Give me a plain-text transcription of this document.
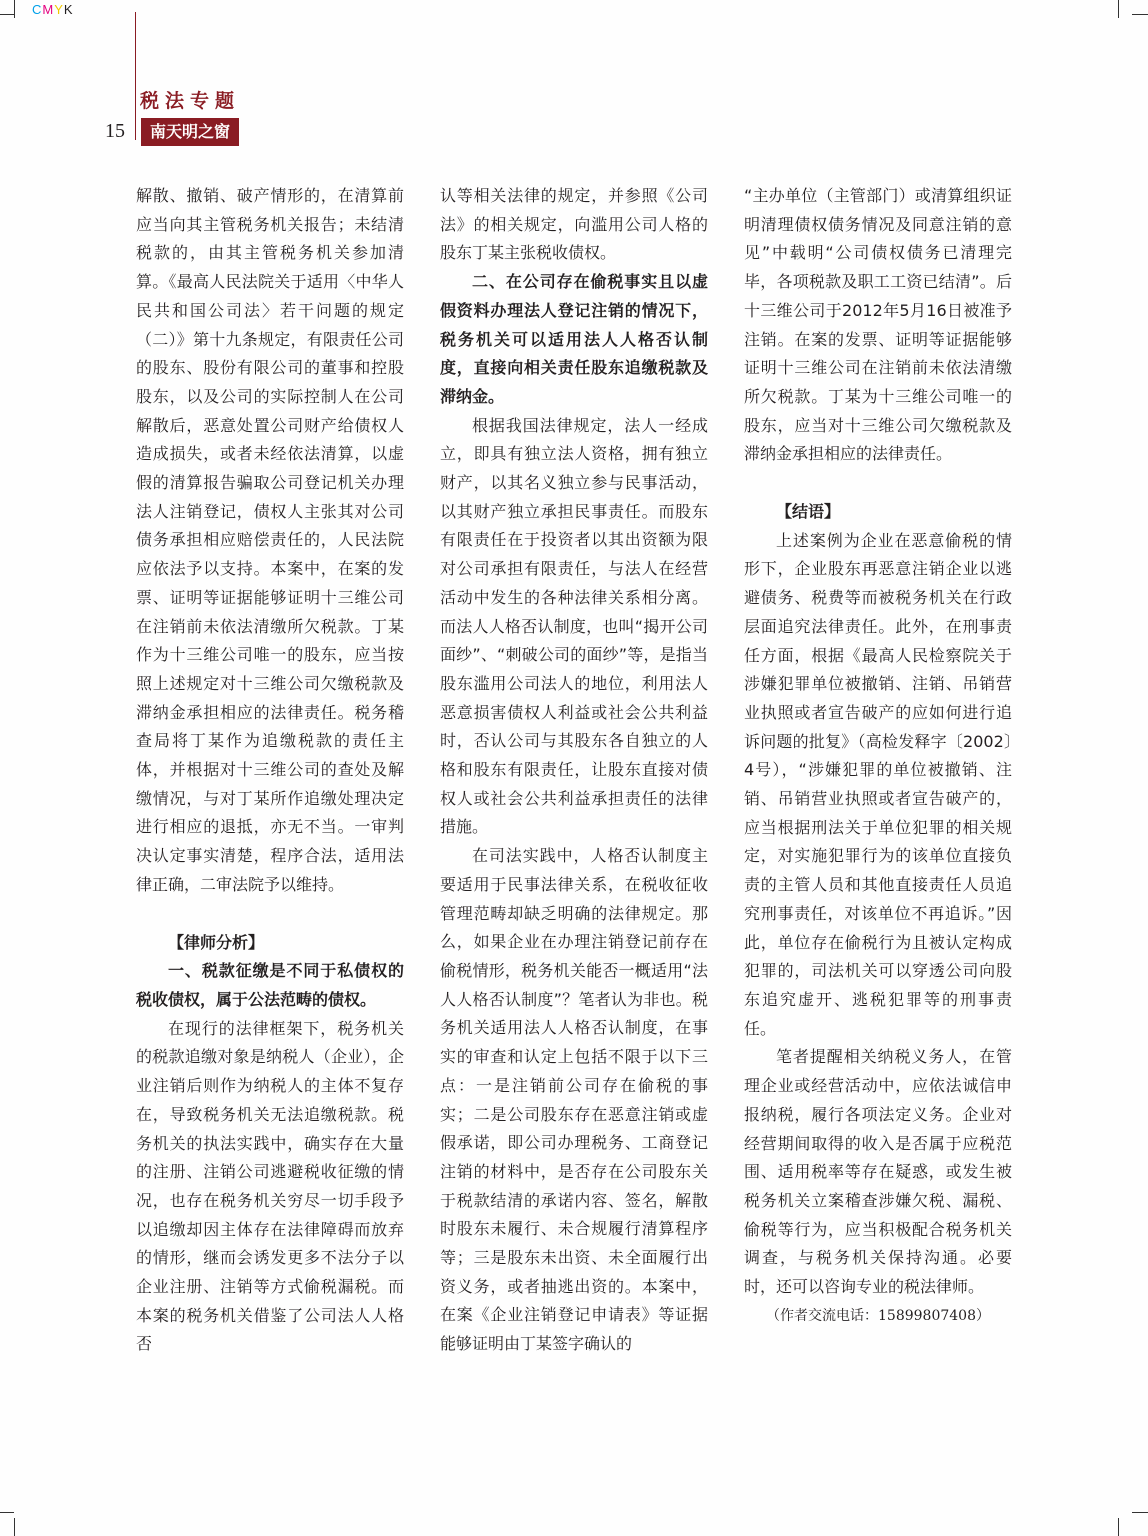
CMYK
税法专题
15	南天明之窗

解散、撤销、破产情形的，在清算前应当向其主管税务机关报告；未结清税款的，由其主管税务机关参加清算。《最高人民法院关于适用〈中华人民共和国公司法〉若干问题的规定（二）》第十九条规定，有限责任公司的股东、股份有限公司的董事和控股股东，以及公司的实际控制人在公司解散后，恶意处置公司财产给债权人造成损失，或者未经依法清算，以虚假的清算报告骗取公司登记机关办理法人注销登记，债权人主张其对公司债务承担相应赔偿责任的，人民法院应依法予以支持。本案中，在案的发票、证明等证据能够证明十三维公司在注销前未依法清缴所欠税款。丁某作为十三维公司唯一的股东，应当按照上述规定对十三维公司欠缴税款及滞纳金承担相应的法律责任。税务稽查局将丁某作为追缴税款的责任主体，并根据对十三维公司的查处及解缴情况，与对丁某所作追缴处理决定进行相应的退抵，亦无不当。一审判决认定事实清楚，程序合法，适用法律正确，二审法院予以维持。

【律师分析】

一、税款征缴是不同于私债权的税收债权，属于公法范畴的债权。

在现行的法律框架下，税务机关的税款追缴对象是纳税人（企业），企业注销后则作为纳税人的主体不复存在，导致税务机关无法追缴税款。税务机关的执法实践中，确实存在大量的注册、注销公司逃避税收征缴的情况，也存在税务机关穷尽一切手段予以追缴却因主体存在法律障碍而放弃的情形，继而会诱发更多不法分子以企业注册、注销等方式偷税漏税。而本案的税务机关借鉴了公司法人人格否

认等相关法律的规定，并参照《公司法》的相关规定，向滥用公司人格的股东丁某主张税收债权。

二、在公司存在偷税事实且以虚假资料办理法人登记注销的情况下，税务机关可以适用法人人格否认制度，直接向相关责任股东追缴税款及滞纳金。

根据我国法律规定，法人一经成立，即具有独立法人资格，拥有独立财产，以其名义独立参与民事活动，以其财产独立承担民事责任。而股东有限责任在于投资者以其出资额为限对公司承担有限责任，与法人在经营活动中发生的各种法律关系相分离。而法人人格否认制度，也叫“揭开公司面纱”、“刺破公司的面纱”等，是指当股东滥用公司法人的地位，利用法人恶意损害债权人利益或社会公共利益时，否认公司与其股东各自独立的人格和股东有限责任，让股东直接对债权人或社会公共利益承担责任的法律措施。

在司法实践中，人格否认制度主要适用于民事法律关系，在税收征收管理范畴却缺乏明确的法律规定。那么，如果企业在办理注销登记前存在偷税情形，税务机关能否一概适用“法人人格否认制度”？笔者认为非也。税务机关适用法人人格否认制度，在事实的审查和认定上包括不限于以下三点：一是注销前公司存在偷税的事实；二是公司股东存在恶意注销或虚假承诺，即公司办理税务、工商登记注销的材料中，是否存在公司股东关于税款结清的承诺内容、签名，解散时股东未履行、未合规履行清算程序等；三是股东未出资、未全面履行出资义务，或者抽逃出资的。本案中，在案《企业注销登记申请表》等证据能够证明由丁某签字确认的

“主办单位（主管部门）或清算组织证明清理债权债务情况及同意注销的意见”中载明“公司债权债务已清理完毕，各项税款及职工工资已结清”。后十三维公司于2012年5月16日被准予注销。在案的发票、证明等证据能够证明十三维公司在注销前未依法清缴所欠税款。丁某为十三维公司唯一的股东，应当对十三维公司欠缴税款及滞纳金承担相应的法律责任。

【结语】

上述案例为企业在恶意偷税的情形下，企业股东再恶意注销企业以逃避债务、税费等而被税务机关在行政层面追究法律责任。此外，在刑事责任方面，根据《最高人民检察院关于涉嫌犯罪单位被撤销、注销、吊销营业执照或者宣告破产的应如何进行追诉问题的批复》（高检发释字〔2002〕4号），“涉嫌犯罪的单位被撤销、注销、吊销营业执照或者宣告破产的，应当根据刑法关于单位犯罪的相关规定，对实施犯罪行为的该单位直接负责的主管人员和其他直接责任人员追究刑事责任，对该单位不再追诉。”因此，单位存在偷税行为且被认定构成犯罪的，司法机关可以穿透公司向股东追究虚开、逃税犯罪等的刑事责任。

笔者提醒相关纳税义务人，在管理企业或经营活动中，应依法诚信申报纳税，履行各项法定义务。企业对经营期间取得的收入是否属于应税范围、适用税率等存在疑惑，或发生被税务机关立案稽查涉嫌欠税、漏税、偷税等行为，应当积极配合税务机关调查，与税务机关保持沟通。必要时，还可以咨询专业的税法律师。

（作者交流电话：15899807408）
